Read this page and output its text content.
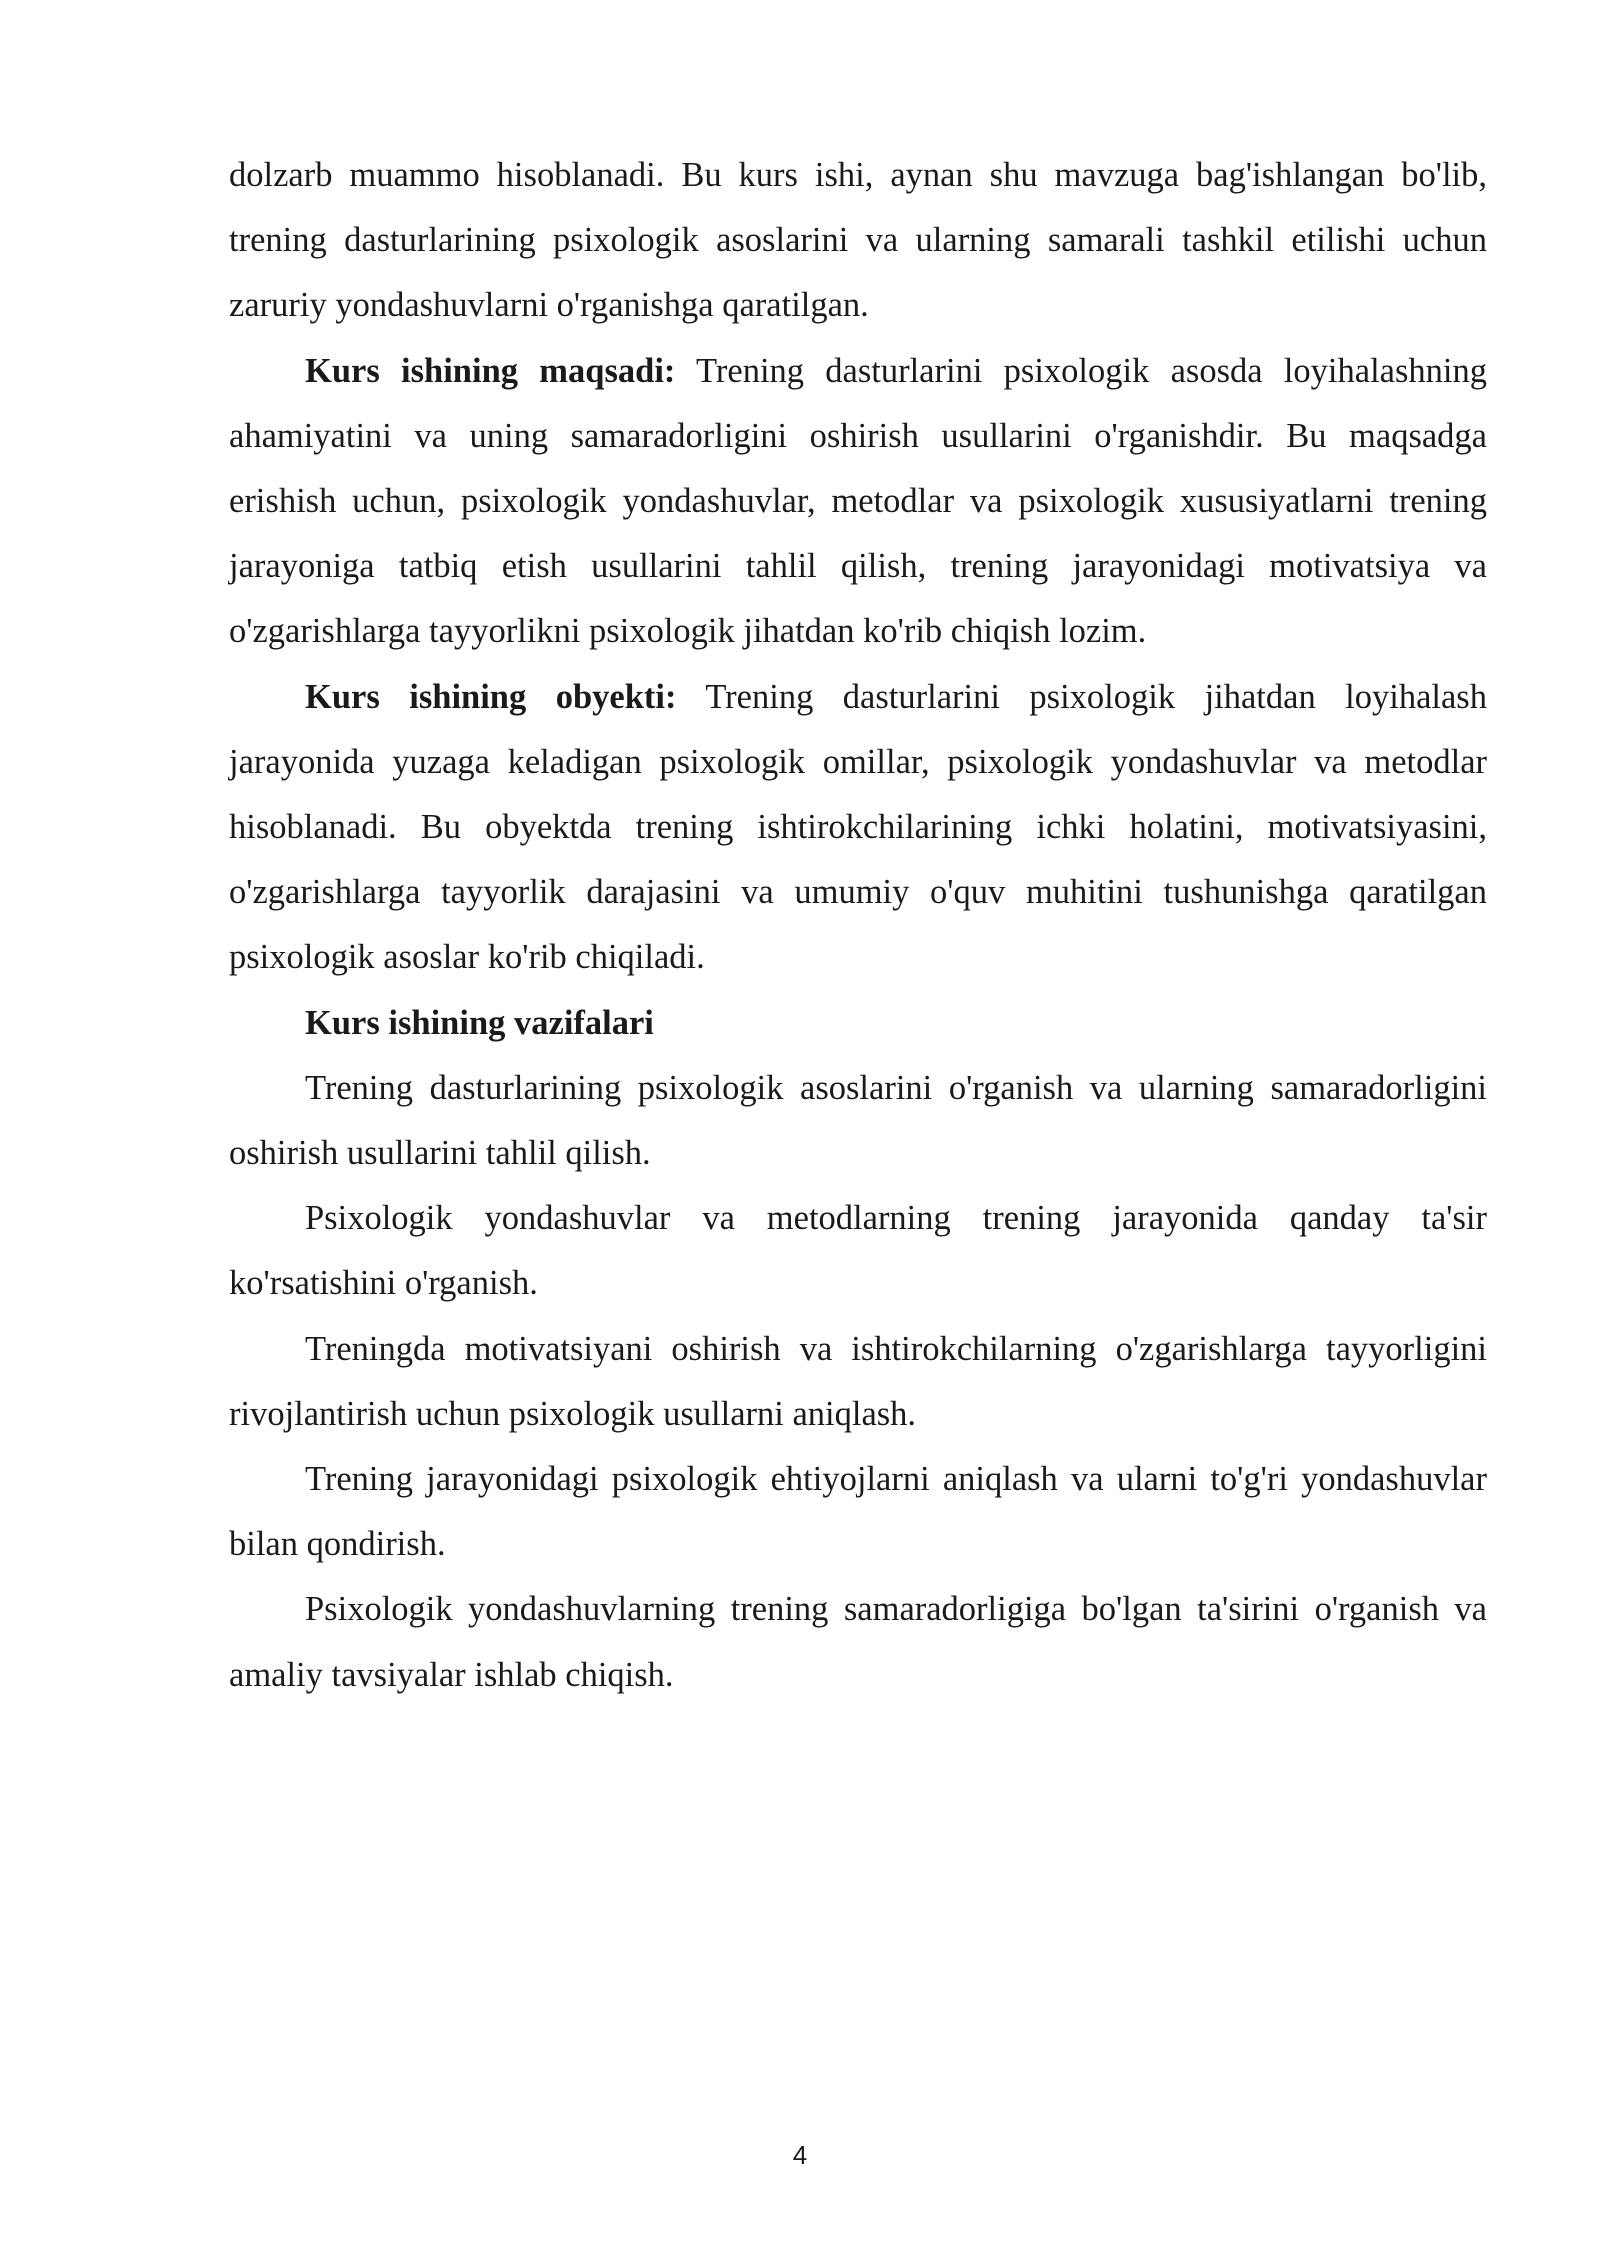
dolzarb muammo hisoblanadi. Bu kurs ishi, aynan shu mavzuga bag'ishlangan bo'lib, trening dasturlarining psixologik asoslarini va ularning samarali tashkil etilishi uchun zaruriy yondashuvlarni o'rganishga qaratilgan.

Kurs ishining maqsadi: Trening dasturlarini psixologik asosda loyihalashning ahamiyatini va uning samaradorligini oshirish usullarini o'rganishdir. Bu maqsadga erishish uchun, psixologik yondashuvlar, metodlar va psixologik xususiyatlarni trening jarayoniga tatbiq etish usullarini tahlil qilish, trening jarayonidagi motivatsiya va o'zgarishlarga tayyorlikni psixologik jihatdan ko'rib chiqish lozim.

Kurs ishining obyekti: Trening dasturlarini psixologik jihatdan loyihalash jarayonida yuzaga keladigan psixologik omillar, psixologik yondashuvlar va metodlar hisoblanadi. Bu obyektda trening ishtirokchilarining ichki holatini, motivatsiyasini, o'zgarishlarga tayyorlik darajasini va umumiy o'quv muhitini tushunishga qaratilgan psixologik asoslar ko'rib chiqiladi.

Kurs ishining vazifalari

Trening dasturlarining psixologik asoslarini o'rganish va ularning samaradorligini oshirish usullarini tahlil qilish.

Psixologik yondashuvlar va metodlarning trening jarayonida qanday ta'sir ko'rsatishini o'rganish.

Treningda motivatsiyani oshirish va ishtirokchilarning o'zgarishlarga tayyorligini rivojlantirish uchun psixologik usullarni aniqlash.

Trening jarayonidagi psixologik ehtiyojlarni aniqlash va ularni to'g'ri yondashuvlar bilan qondirish.

Psixologik yondashuvlarning trening samaradorligiga bo'lgan ta'sirini o'rganish va amaliy tavsiyalar ishlab chiqish.

4
